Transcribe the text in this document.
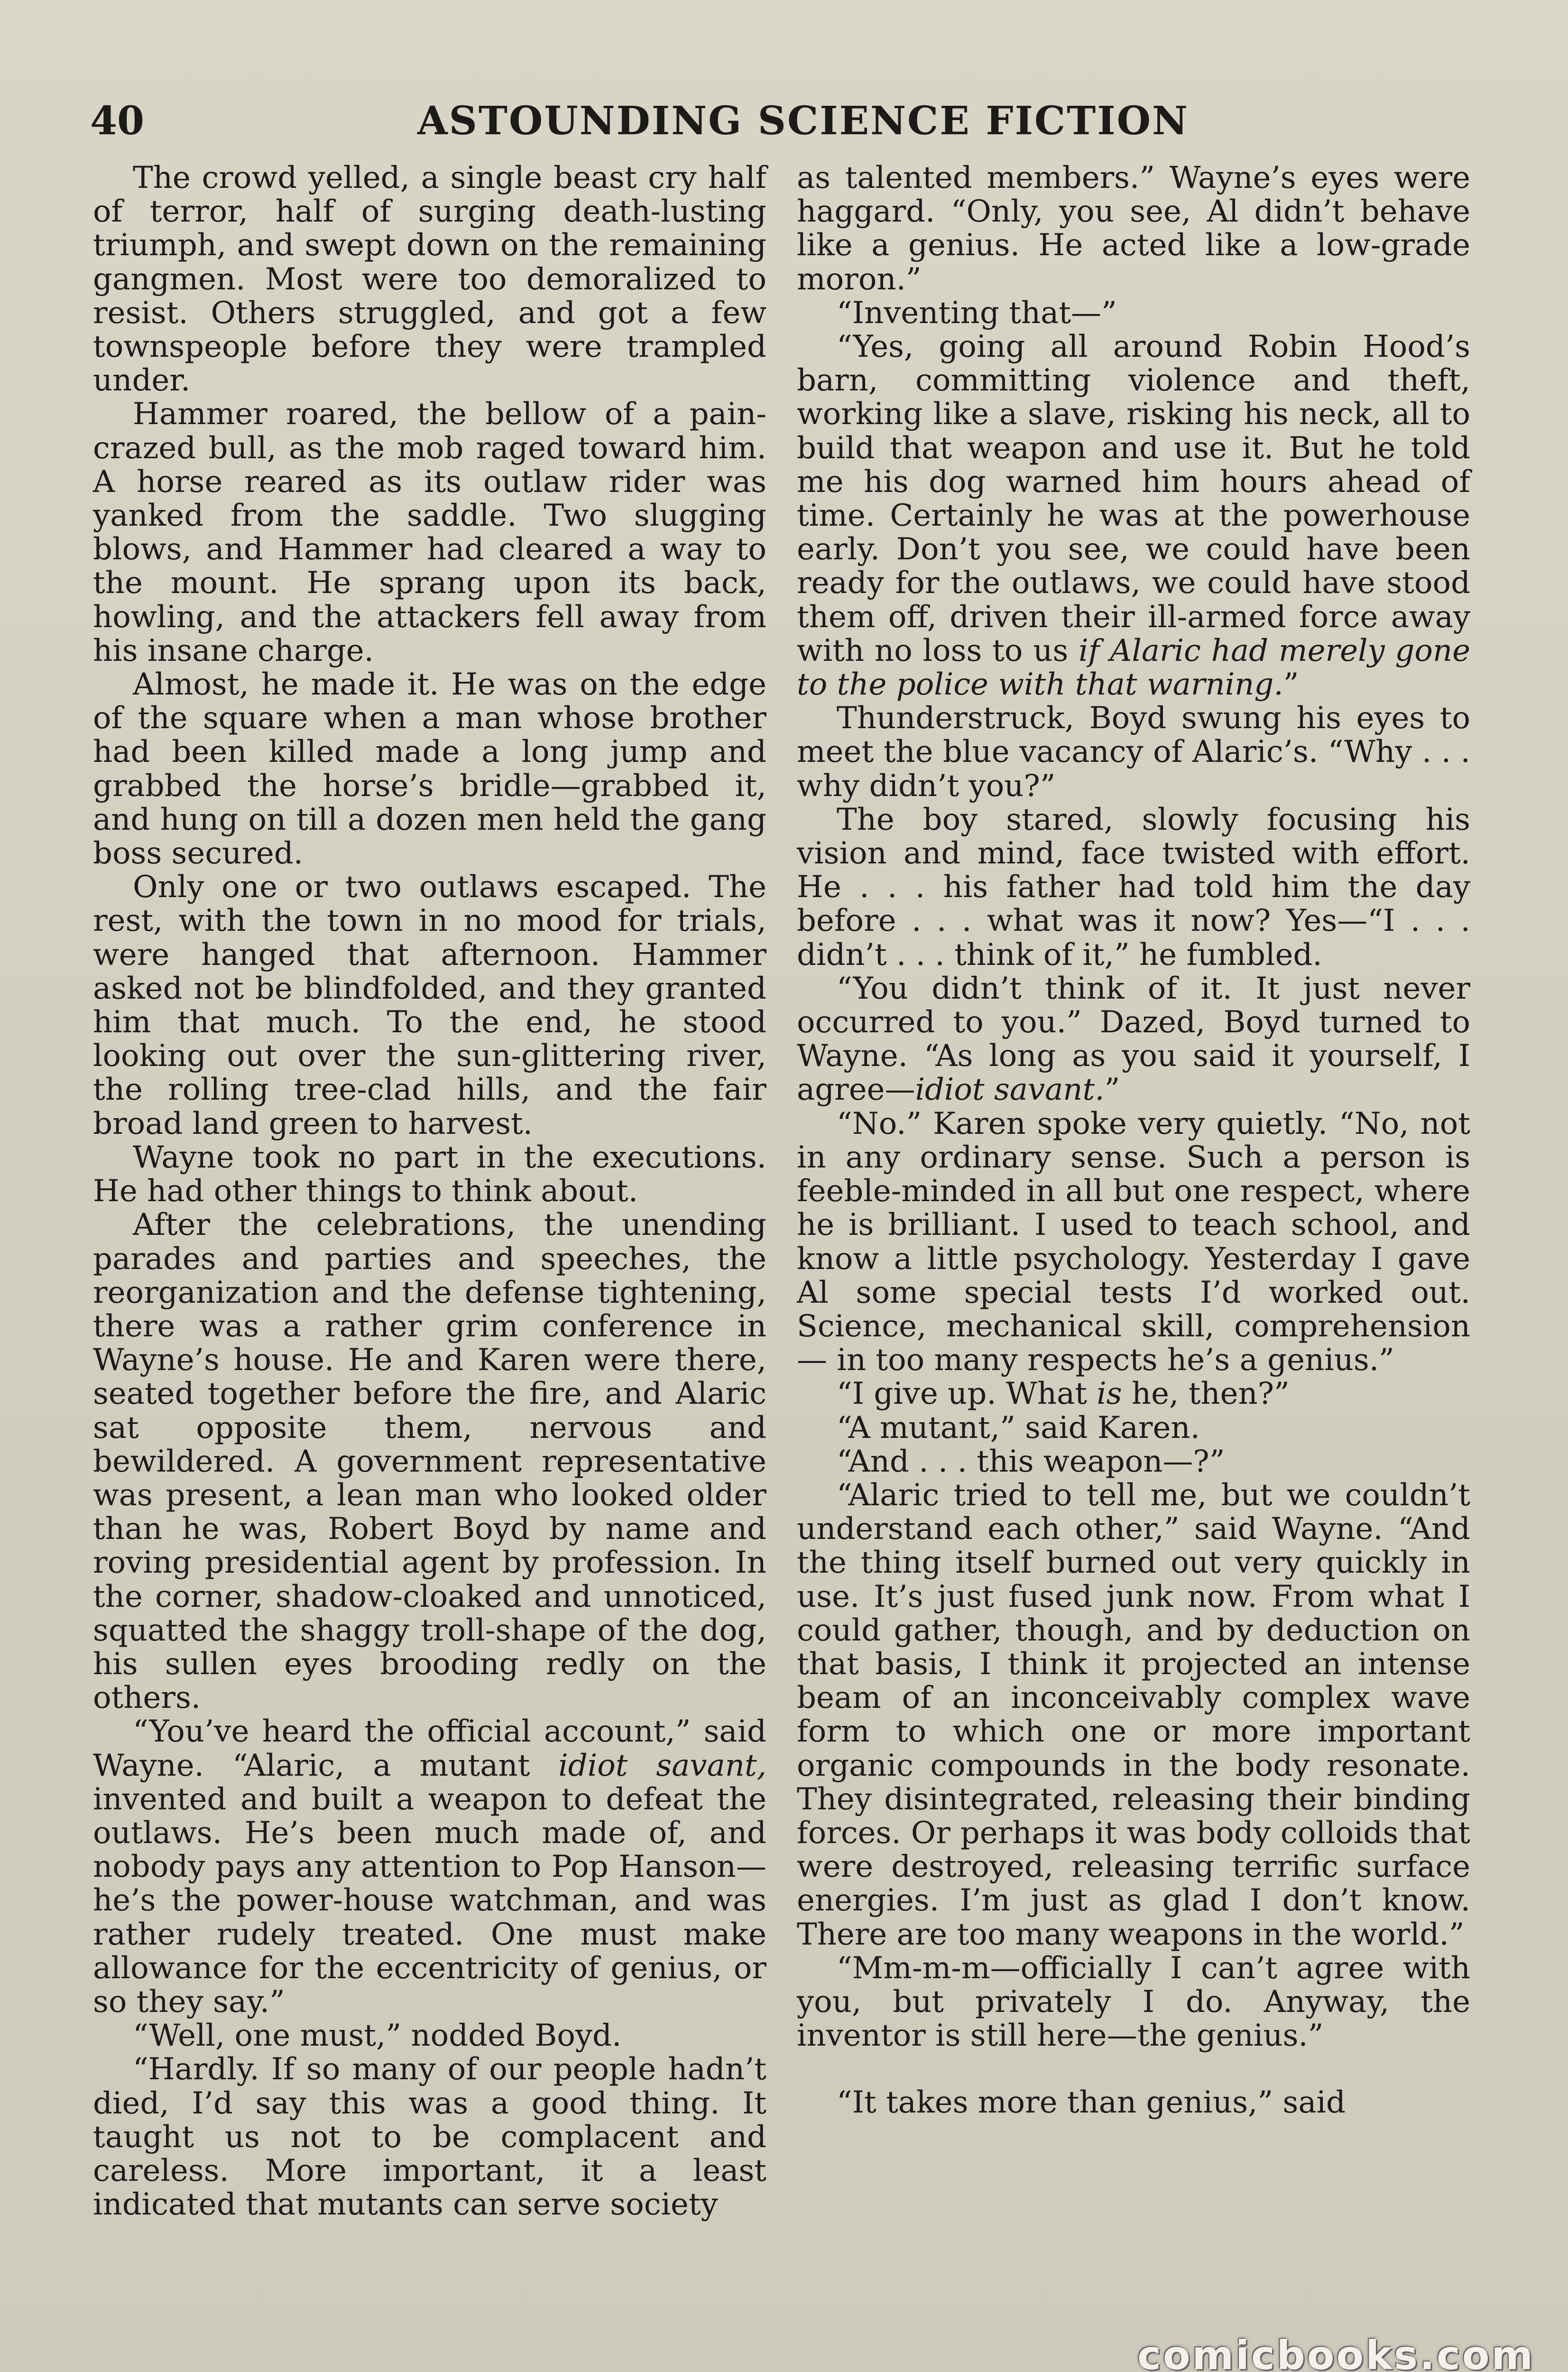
40	ASTOUNDING SCIENCE FICTION

The crowd yelled, a single beast cry half of terror, half of surging death-lusting triumph, and swept down on the remaining gangmen. Most were too demoralized to resist. Others struggled, and got a few townspeople before they were trampled under.

Hammer roared, the bellow of a pain-crazed bull, as the mob raged toward him. A horse reared as its outlaw rider was yanked from the saddle. Two slugging blows, and Hammer had cleared a way to the mount. He sprang upon its back, howling, and the attackers fell away from his insane charge.

Almost, he made it. He was on the edge of the square when a man whose brother had been killed made a long jump and grabbed the horse’s bridle—grabbed it, and hung on till a dozen men held the gang boss secured.

Only one or two outlaws escaped. The rest, with the town in no mood for trials, were hanged that afternoon. Hammer asked not be blindfolded, and they granted him that much. To the end, he stood looking out over the sun-glittering river, the rolling tree-clad hills, and the fair broad land green to harvest.

Wayne took no part in the executions. He had other things to think about.

After the celebrations, the unending parades and parties and speeches, the reorganization and the defense tightening, there was a rather grim conference in Wayne’s house. He and Karen were there, seated together before the fire, and Alaric sat opposite them, nervous and bewildered. A government representative was present, a lean man who looked older than he was, Robert Boyd by name and roving presidential agent by profession. In the corner, shadow-cloaked and unnoticed, squatted the shaggy troll-shape of the dog, his sullen eyes brooding redly on the others.

“You’ve heard the official account,” said Wayne. “Alaric, a mutant idiot savant, invented and built a weapon to defeat the outlaws. He’s been much made of, and nobody pays any attention to Pop Hanson—he’s the power-house watchman, and was rather rudely treated. One must make allowance for the eccentricity of genius, or so they say.”

“Well, one must,” nodded Boyd.

“Hardly. If so many of our people hadn’t died, I’d say this was a good thing. It taught us not to be complacent and careless. More important, it a least indicated that mutants can serve society

as talented members.” Wayne’s eyes were haggard. “Only, you see, Al didn’t behave like a genius. He acted like a low-grade moron.”

“Inventing that—”

“Yes, going all around Robin Hood’s barn, committing violence and theft, working like a slave, risking his neck, all to build that weapon and use it. But he told me his dog warned him hours ahead of time. Certainly he was at the powerhouse early. Don’t you see, we could have been ready for the outlaws, we could have stood them off, driven their ill-armed force away with no loss to us if Alaric had merely gone to the police with that warning.”

Thunderstruck, Boyd swung his eyes to meet the blue vacancy of Alaric’s. “Why . . . why didn’t you?”

The boy stared, slowly focusing his vision and mind, face twisted with effort. He . . . his father had told him the day before . . . what was it now? Yes—“I . . . didn’t . . . think of it,” he fumbled.

“You didn’t think of it. It just never occurred to you.” Dazed, Boyd turned to Wayne. “As long as you said it yourself, I agree—idiot savant.”

“No.” Karen spoke very quietly. “No, not in any ordinary sense. Such a person is feeble-minded in all but one respect, where he is brilliant. I used to teach school, and know a little psychology. Yesterday I gave Al some special tests I’d worked out. Science, mechanical skill, comprehension — in too many respects he’s a genius.”

“I give up. What is he, then?”

“A mutant,” said Karen.

“And . . . this weapon—?”

“Alaric tried to tell me, but we couldn’t understand each other,” said Wayne. “And the thing itself burned out very quickly in use. It’s just fused junk now. From what I could gather, though, and by deduction on that basis, I think it projected an intense beam of an inconceivably complex wave form to which one or more important organic compounds in the body resonate. They disintegrated, releasing their binding forces. Or perhaps it was body colloids that were destroyed, releasing terrific surface energies. I’m just as glad I don’t know. There are too many weapons in the world.”

“Mm-m-m—officially I can’t agree with you, but privately I do. Anyway, the inventor is still here—the genius.”

“It takes more than genius,” said

comicbooks.com
